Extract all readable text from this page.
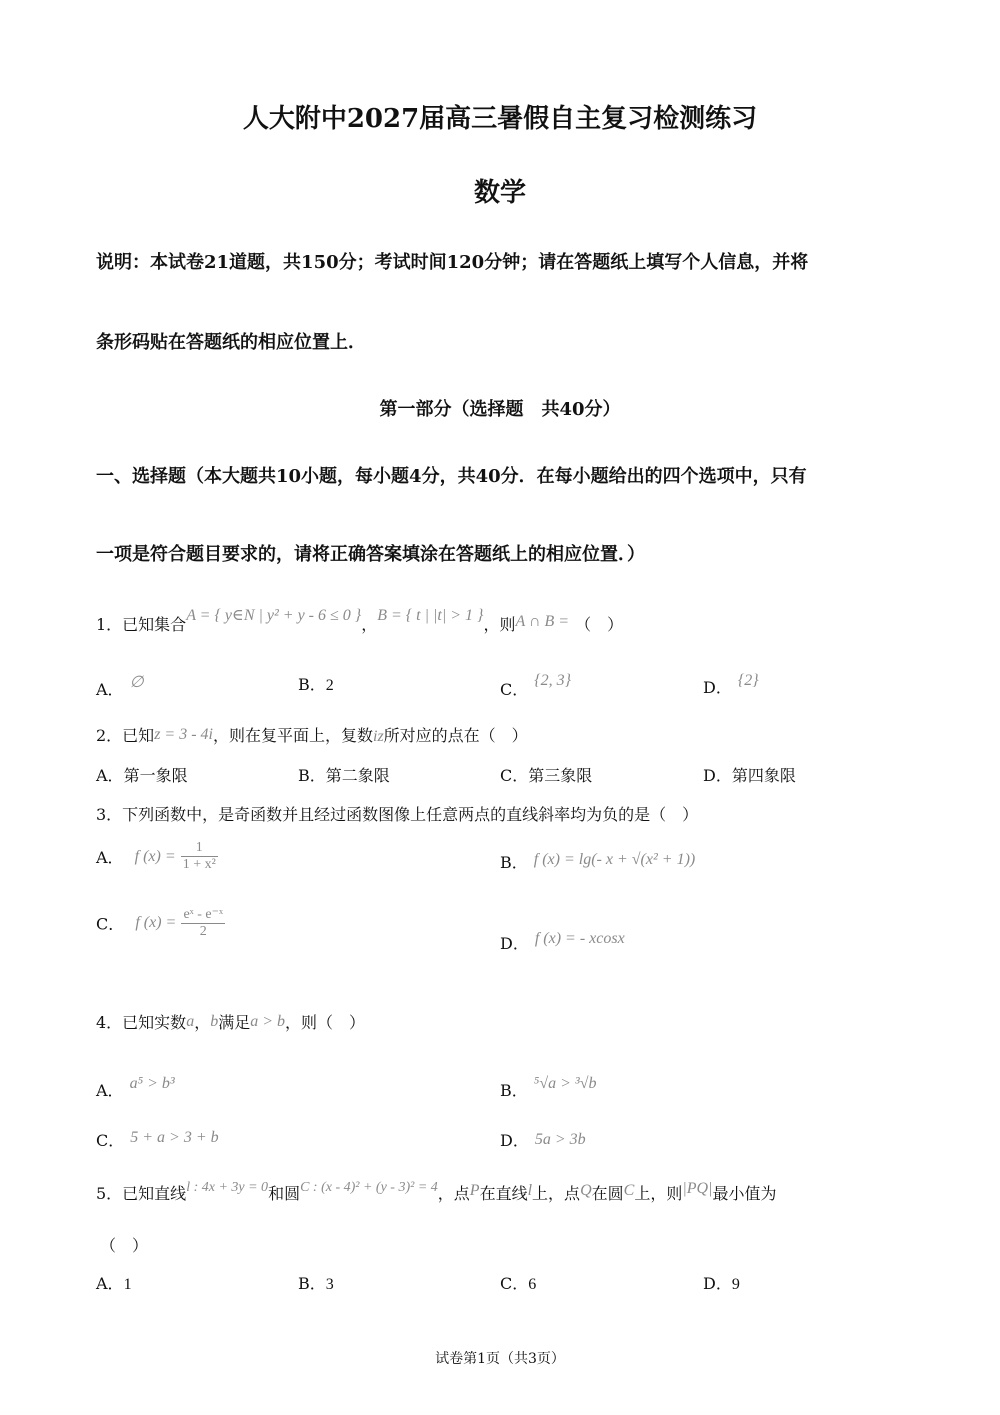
人大附中2027届高三暑假自主复习检测练习
数学
说明：本试卷21道题，共150分；考试时间120分钟；请在答题纸上填写个人信息，并将
条形码贴在答题纸的相应位置上．
第一部分（选择题　共40分）
一、选择题（本大题共10小题，每小题4分，共40分．在每小题给出的四个选项中，只有
一项是符合题目要求的，请将正确答案填涂在答题纸上的相应位置．）
1．已知集合A = { y∈N | y² + y - 6 ≤ 0 }，B = { t | |t| > 1 }，则A ∩ B = （　）
A． ∅	B．2	C． {2, 3}	D． {2}
2．已知z = 3 - 4i，则在复平面上，复数iz所对应的点在（　）
A．第一象限	B．第二象限	C．第三象限	D．第四象限
3．下列函数中，是奇函数并且经过函数图像上任意两点的直线斜率均为负的是（　）
A． f $(x) = \frac{1}{\text{1 + x²}}$	B． f (x) = lg(- x + √(x² + 1))
C． f $(x) = \frac{\text{eˣ - e⁻ˣ}}{2}$
D． f (x) = - xcosx
4．已知实数a，b满足a > b，则（　）
A． a⁵ > b³	B． ⁵√a > ³√b
C． 5 + a > 3 + b	D． 5a > 3b
5．已知直线l : 4x + 3y = 0和圆C : (x - 4)² + (y - 3)² = 4，点P在直线l上，点Q在圆C上，则|PQ|最小值为
（　）
A．1	B．3	C．6	D．9
试卷第1页（共3页）
